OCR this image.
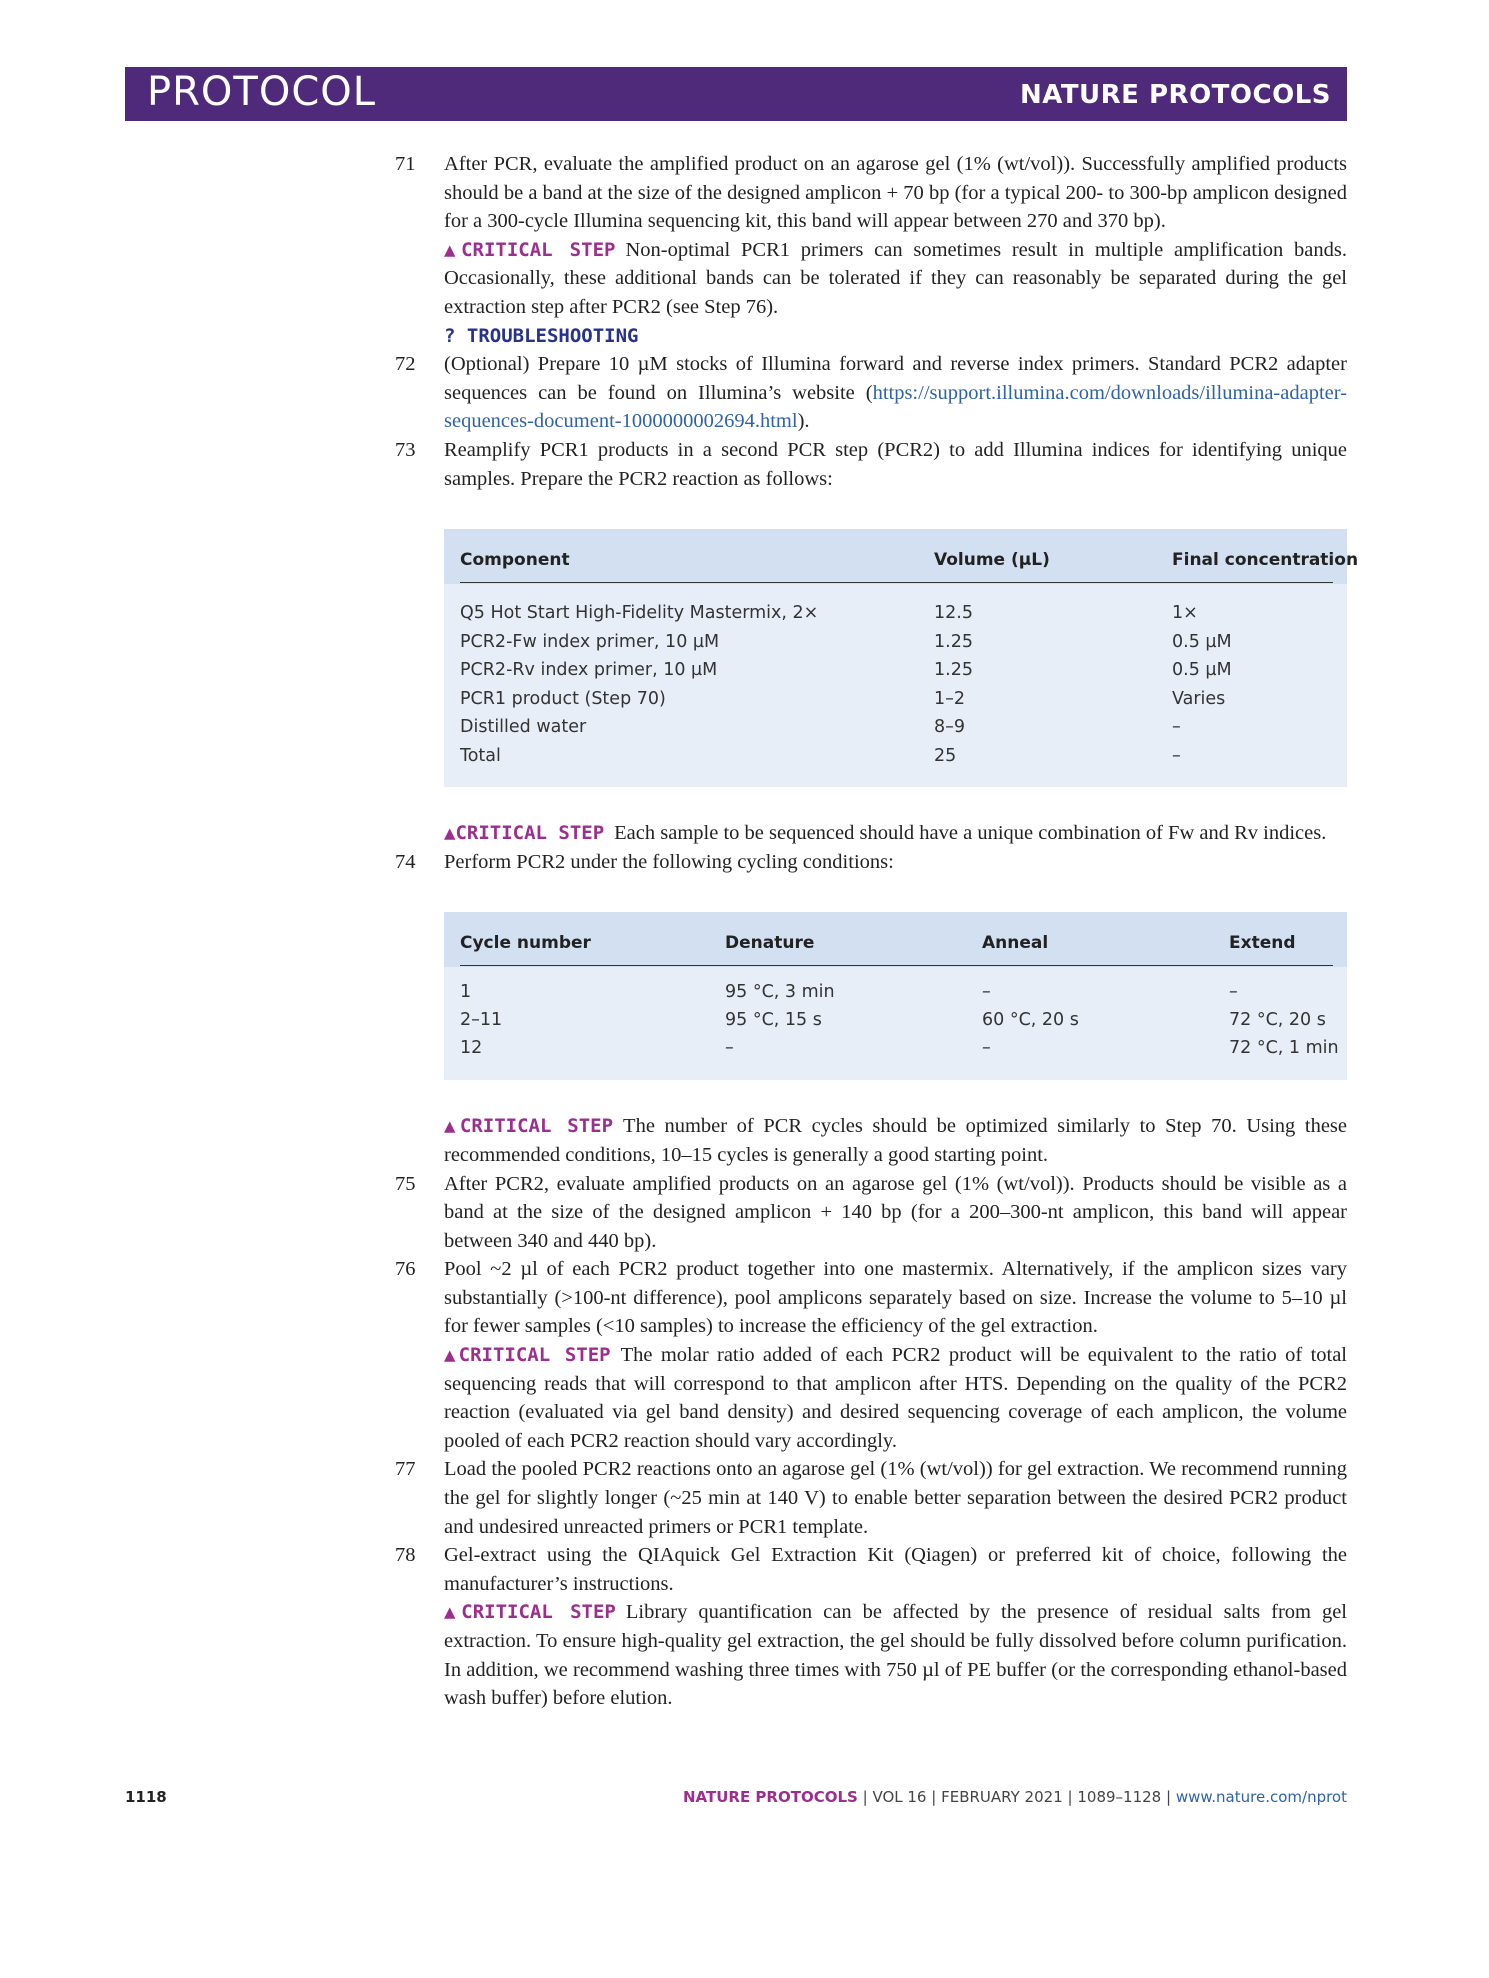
PROTOCOL	NATURE PROTOCOLS
71 After PCR, evaluate the amplified product on an agarose gel (1% (wt/vol)). Successfully amplified products should be a band at the size of the designed amplicon + 70 bp (for a typical 200- to 300-bp amplicon designed for a 300-cycle Illumina sequencing kit, this band will appear between 270 and 370 bp).
▲CRITICAL STEP Non-optimal PCR1 primers can sometimes result in multiple amplification bands. Occasionally, these additional bands can be tolerated if they can reasonably be separated during the gel extraction step after PCR2 (see Step 76).
? TROUBLESHOOTING
72 (Optional) Prepare 10 µM stocks of Illumina forward and reverse index primers. Standard PCR2 adapter sequences can be found on Illumina’s website (https://support.illumina.com/downloads/illumina-adapter-sequences-document-1000000002694.html).
73 Reamplify PCR1 products in a second PCR step (PCR2) to add Illumina indices for identifying unique samples. Prepare the PCR2 reaction as follows:
Component	Volume (µL)	Final concentration
Q5 Hot Start High-Fidelity Mastermix, 2×	12.5	1×
PCR2-Fw index primer, 10 µM	1.25	0.5 µM
PCR2-Rv index primer, 10 µM	1.25	0.5 µM
PCR1 product (Step 70)	1–2	Varies
Distilled water	8–9	–
Total	25	–
▲CRITICAL STEP Each sample to be sequenced should have a unique combination of Fw and Rv indices.
74 Perform PCR2 under the following cycling conditions:
Cycle number	Denature	Anneal	Extend
1	95 °C, 3 min	–	–
2–11	95 °C, 15 s	60 °C, 20 s	72 °C, 20 s
12	–	–	72 °C, 1 min
▲CRITICAL STEP The number of PCR cycles should be optimized similarly to Step 70. Using these recommended conditions, 10–15 cycles is generally a good starting point.
75 After PCR2, evaluate amplified products on an agarose gel (1% (wt/vol)). Products should be visible as a band at the size of the designed amplicon + 140 bp (for a 200–300-nt amplicon, this band will appear between 340 and 440 bp).
76 Pool ~2 µl of each PCR2 product together into one mastermix. Alternatively, if the amplicon sizes vary substantially (>100-nt difference), pool amplicons separately based on size. Increase the volume to 5–10 µl for fewer samples (<10 samples) to increase the efficiency of the gel extraction.
▲CRITICAL STEP The molar ratio added of each PCR2 product will be equivalent to the ratio of total sequencing reads that will correspond to that amplicon after HTS. Depending on the quality of the PCR2 reaction (evaluated via gel band density) and desired sequencing coverage of each amplicon, the volume pooled of each PCR2 reaction should vary accordingly.
77 Load the pooled PCR2 reactions onto an agarose gel (1% (wt/vol)) for gel extraction. We recommend running the gel for slightly longer (~25 min at 140 V) to enable better separation between the desired PCR2 product and undesired unreacted primers or PCR1 template.
78 Gel-extract using the QIAquick Gel Extraction Kit (Qiagen) or preferred kit of choice, following the manufacturer’s instructions.
▲CRITICAL STEP Library quantification can be affected by the presence of residual salts from gel extraction. To ensure high-quality gel extraction, the gel should be fully dissolved before column purification. In addition, we recommend washing three times with 750 µl of PE buffer (or the corresponding ethanol-based wash buffer) before elution.
1118	NATURE PROTOCOLS | VOL 16 | FEBRUARY 2021 | 1089–1128 | www.nature.com/nprot
